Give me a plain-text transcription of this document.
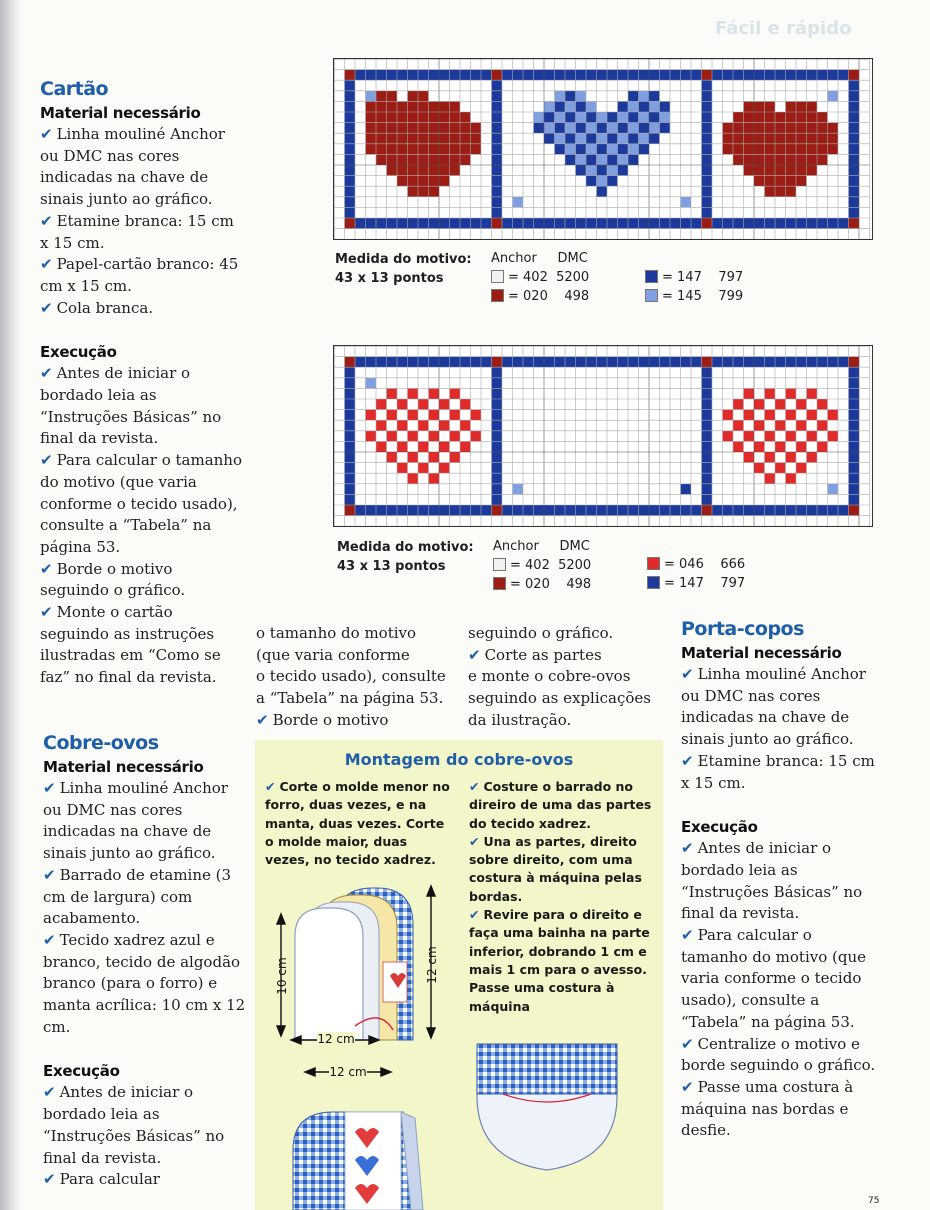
Fácil e rápido
Cartão
Material necessário

✔ Linha mouliné Anchor ou DMC nas cores indicadas na chave de sinais junto ao gráfico.

✔ Etamine branca: 15 cm x 15 cm.

✔ Papel-cartão branco: 45 cm x 15 cm.

✔ Cola branca.

Execução

✔ Antes de iniciar o bordado leia as “Instruções Básicas” no final da revista.

✔ Para calcular o tamanho do motivo (que varia conforme o tecido usado), consulte a “Tabela” na página 53.

✔ Borde o motivo seguindo o gráfico.

✔ Monte o cartão seguindo as instruções ilustradas em “Como se faz” no final da revista.

Medida do motivo:
43 x 13 pontos
Anchor DMC
= 402 5200
= 020 498
= 147 797
= 145 799
Medida do motivo:
43 x 13 pontos
Anchor DMC
= 402 5200
= 020 498
= 046 666
= 147 797

o tamanho do motivo

(que varia conforme

o tecido usado), consulte

a “Tabela” na página 53.

✔ Borde o motivo

seguindo o gráfico.

✔ Corte as partes

e monte o cobre-ovos

seguindo as explicações

da ilustração.

Cobre-ovos
Material necessário

✔ Linha mouliné Anchor ou DMC nas cores indicadas na chave de sinais junto ao gráfico.

✔ Barrado de etamine (3 cm de largura) com acabamento.

✔ Tecido xadrez azul e branco, tecido de algodão branco (para o forro) e manta acrílica: 10 cm x 12 cm.

Execução

✔ Antes de iniciar o bordado leia as “Instruções Básicas” no final da revista.

✔ Para calcular

Montagem do cobre-ovos
✔ Corte o molde menor no forro, duas vezes, e na manta, duas vezes. Corte o molde maior, duas vezes, no tecido xadrez.
✔ Costure o barrado no direiro de uma das partes do tecido xadrez.
✔ Una as partes, direito sobre direito, com uma costura à máquina pelas bordas.
✔ Revire para o direito e faça uma bainha na parte inferior, dobrando 1 cm e mais 1 cm para o avesso. Passe uma costura à máquina
10 cm	12 cm
12 cm
12 cm
Porta-copos
Material necessário

✔ Linha mouliné Anchor ou DMC nas cores indicadas na chave de sinais junto ao gráfico.

✔ Etamine branca: 15 cm x 15 cm.

Execução

✔ Antes de iniciar o bordado leia as “Instruções Básicas” no final da revista.

✔ Para calcular o tamanho do motivo (que varia conforme o tecido usado), consulte a “Tabela” na página 53.

✔ Centralize o motivo e borde seguindo o gráfico.

✔ Passe uma costura à máquina nas bordas e desfie.

75
